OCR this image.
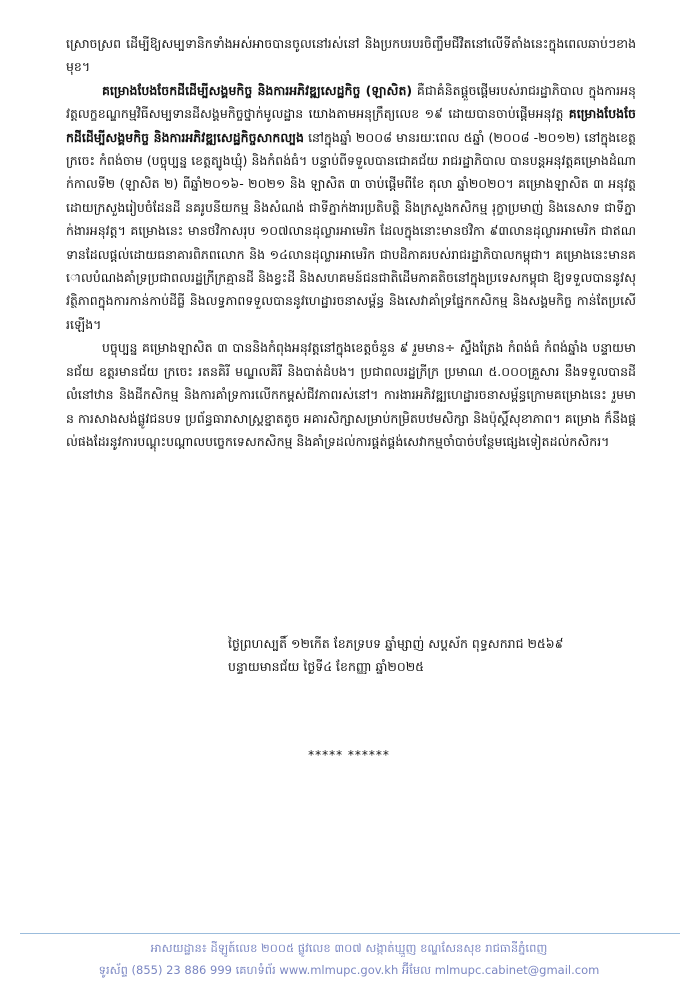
ស្រោចស្រព ដើម្បីឱ្យសម្បទានិកទាំងអស់អាចបានចូលនៅរស់នៅ និងប្រកបរបរចិញ្ចឹមជីវិតនៅលើទីតាំងនេះក្នុងពេលឆាប់ៗខាងមុខ។

គម្រោងបែងចែកដីដើម្បីសង្គមកិច្ច និងការអភិវឌ្ឍសេដ្ឋកិច្ច (ឡាសិត) គឺជាគំនិតផ្ដួចផ្ដើមរបស់រាជរដ្ឋាភិបាល ក្នុងការអនុវត្តលក្ខខណ្ឌកម្មវិធីសម្បទានដីសង្គមកិច្ចថ្នាក់មូលដ្ឋាន យោងតាមអនុក្រឹត្យលេខ ១៩ ដោយបានចាប់ផ្ដើមអនុវត្ត គម្រោងបែងចែកដីដើម្បីសង្គមកិច្ច និងការអភិវឌ្ឍសេដ្ឋកិច្ចសាកល្បង នៅក្នុងឆ្នាំ ២០០៨ មានរយៈពេល ៥ឆ្នាំ (២០០៨ -២០១២) នៅក្នុងខេត្ត ក្រចេះ កំពង់ចាម (បច្ចុប្បន្ន ខេត្តត្បូងឃ្មុំ) និងកំពង់ធំ។ បន្ទាប់ពីទទួលបានជោគជ័យ រាជរដ្ឋាភិបាល បានបន្តអនុវត្តគម្រោងដំណាក់កាលទី២ (ឡាសិត ២) ពីឆ្នាំ២០១៦- ២០២១ និង ឡាសិត ៣ ចាប់ផ្ដើមពីខែ តុលា ឆ្នាំ២០២០។ គម្រោងឡាសិត ៣ អនុវត្តដោយក្រសួងរៀបចំដែនដី នគរូបនីយកម្ម និងសំណង់ ជាទីភ្នាក់ងារប្រតិបត្តិ និងក្រសួងកសិកម្ម រុក្ខាប្រមាញ់ និងនេសាទ ជាទីភ្នាក់ងារអនុវត្ត។ គម្រោងនេះ មានថវិកាសរុប ១០៧លានដុល្លារអាមេរិក ដែលក្នុងនោះមានថវិកា ៩៣លានដុល្លារអាមេរិក ជាឥណទានដែលផ្ដល់ដោយធនាគារពិភពលោក និង ១៤លានដុល្លារអាមេរិក ជាបដិភាគរបស់រាជរដ្ឋាភិបាលកម្ពុជា។ គម្រោងនេះមានគោលបំណងគាំទ្រប្រជាពលរដ្ឋក្រីក្រគ្មានដី និងខ្វះដី និងសហគមន៍ជនជាតិដើមភាគតិចនៅក្នុងប្រទេសកម្ពុជា ឱ្យទទួលបាននូវសុវត្ថិភាពក្នុងការកាន់កាប់ដីធ្លី និងលទ្ធភាពទទួលបាននូវហេដ្ឋារចនាសម្ព័ន្ធ និងសេវាគាំទ្រផ្នែកកសិកម្ម និងសង្គមកិច្ច កាន់តែប្រសើរឡើង។

បច្ចុប្បន្ន គម្រោងឡាសិត ៣ បាននិងកំពុងអនុវត្តនៅក្នុងខេត្តចំនួន ៩ រួមមាន÷ ស្ទឹងត្រែង កំពង់ធំ កំពង់ឆ្នាំង បន្ទាយមានជ័យ ឧត្តរមានជ័យ ក្រចេះ រតនគិរី មណ្ឌលគិរី និងបាត់ដំបង។ ប្រជាពលរដ្ឋក្រីក្រ ប្រមាណ ៥.០០០គ្រួសារ នឹងទទួលបានដីលំនៅឋាន និងដីកសិកម្ម និងការគាំទ្រការលើកកម្ពស់ជីវភាពរស់នៅ។ ការងារអភិវឌ្ឍហេដ្ឋារចនាសម្ព័ន្ធក្រោមគម្រោងនេះ រួមមាន ការសាងសង់ផ្លូវជនបទ ប្រព័ន្ធធារាសាស្ត្រខ្នាតតូច អគារសិក្សាសម្រាប់កម្រិតបឋមសិក្សា និងប៉ុស្តិ៍សុខាភាព។ គម្រោង ក៏នឹងផ្ដល់ផងដែរនូវការបណ្ដុះបណ្ដាលបច្ចេកទេសកសិកម្ម និងគាំទ្រដល់ការផ្គត់ផ្គង់សេវាកម្មចាំបាច់បន្ថែមផ្សេងទៀតដល់កសិករ។

ថ្ងៃព្រហស្បតិ៍ ១២កើត ខែភទ្របទ ឆ្នាំម្សាញ់ សប្តស័ក ពុទ្ធសករាជ ២៥៦៩
បន្ទាយមានជ័យ ថ្ងៃទី៤ ខែកញ្ញា ឆ្នាំ២០២៥
***** ******
អាសយដ្ឋាន៖ ដីឡូត៍លេខ ២០០៥ ផ្លូវលេខ ៣០៧ សង្កាត់ឃ្មួញ ខណ្ឌសែនសុខ រាជធានីភ្នំពេញ
ទូរស័ព្ទ (855) 23 886 999 គេហទំព័រ www.mlmupc.gov.kh អ៊ីមែល mlmupc.cabinet@gmail.com
